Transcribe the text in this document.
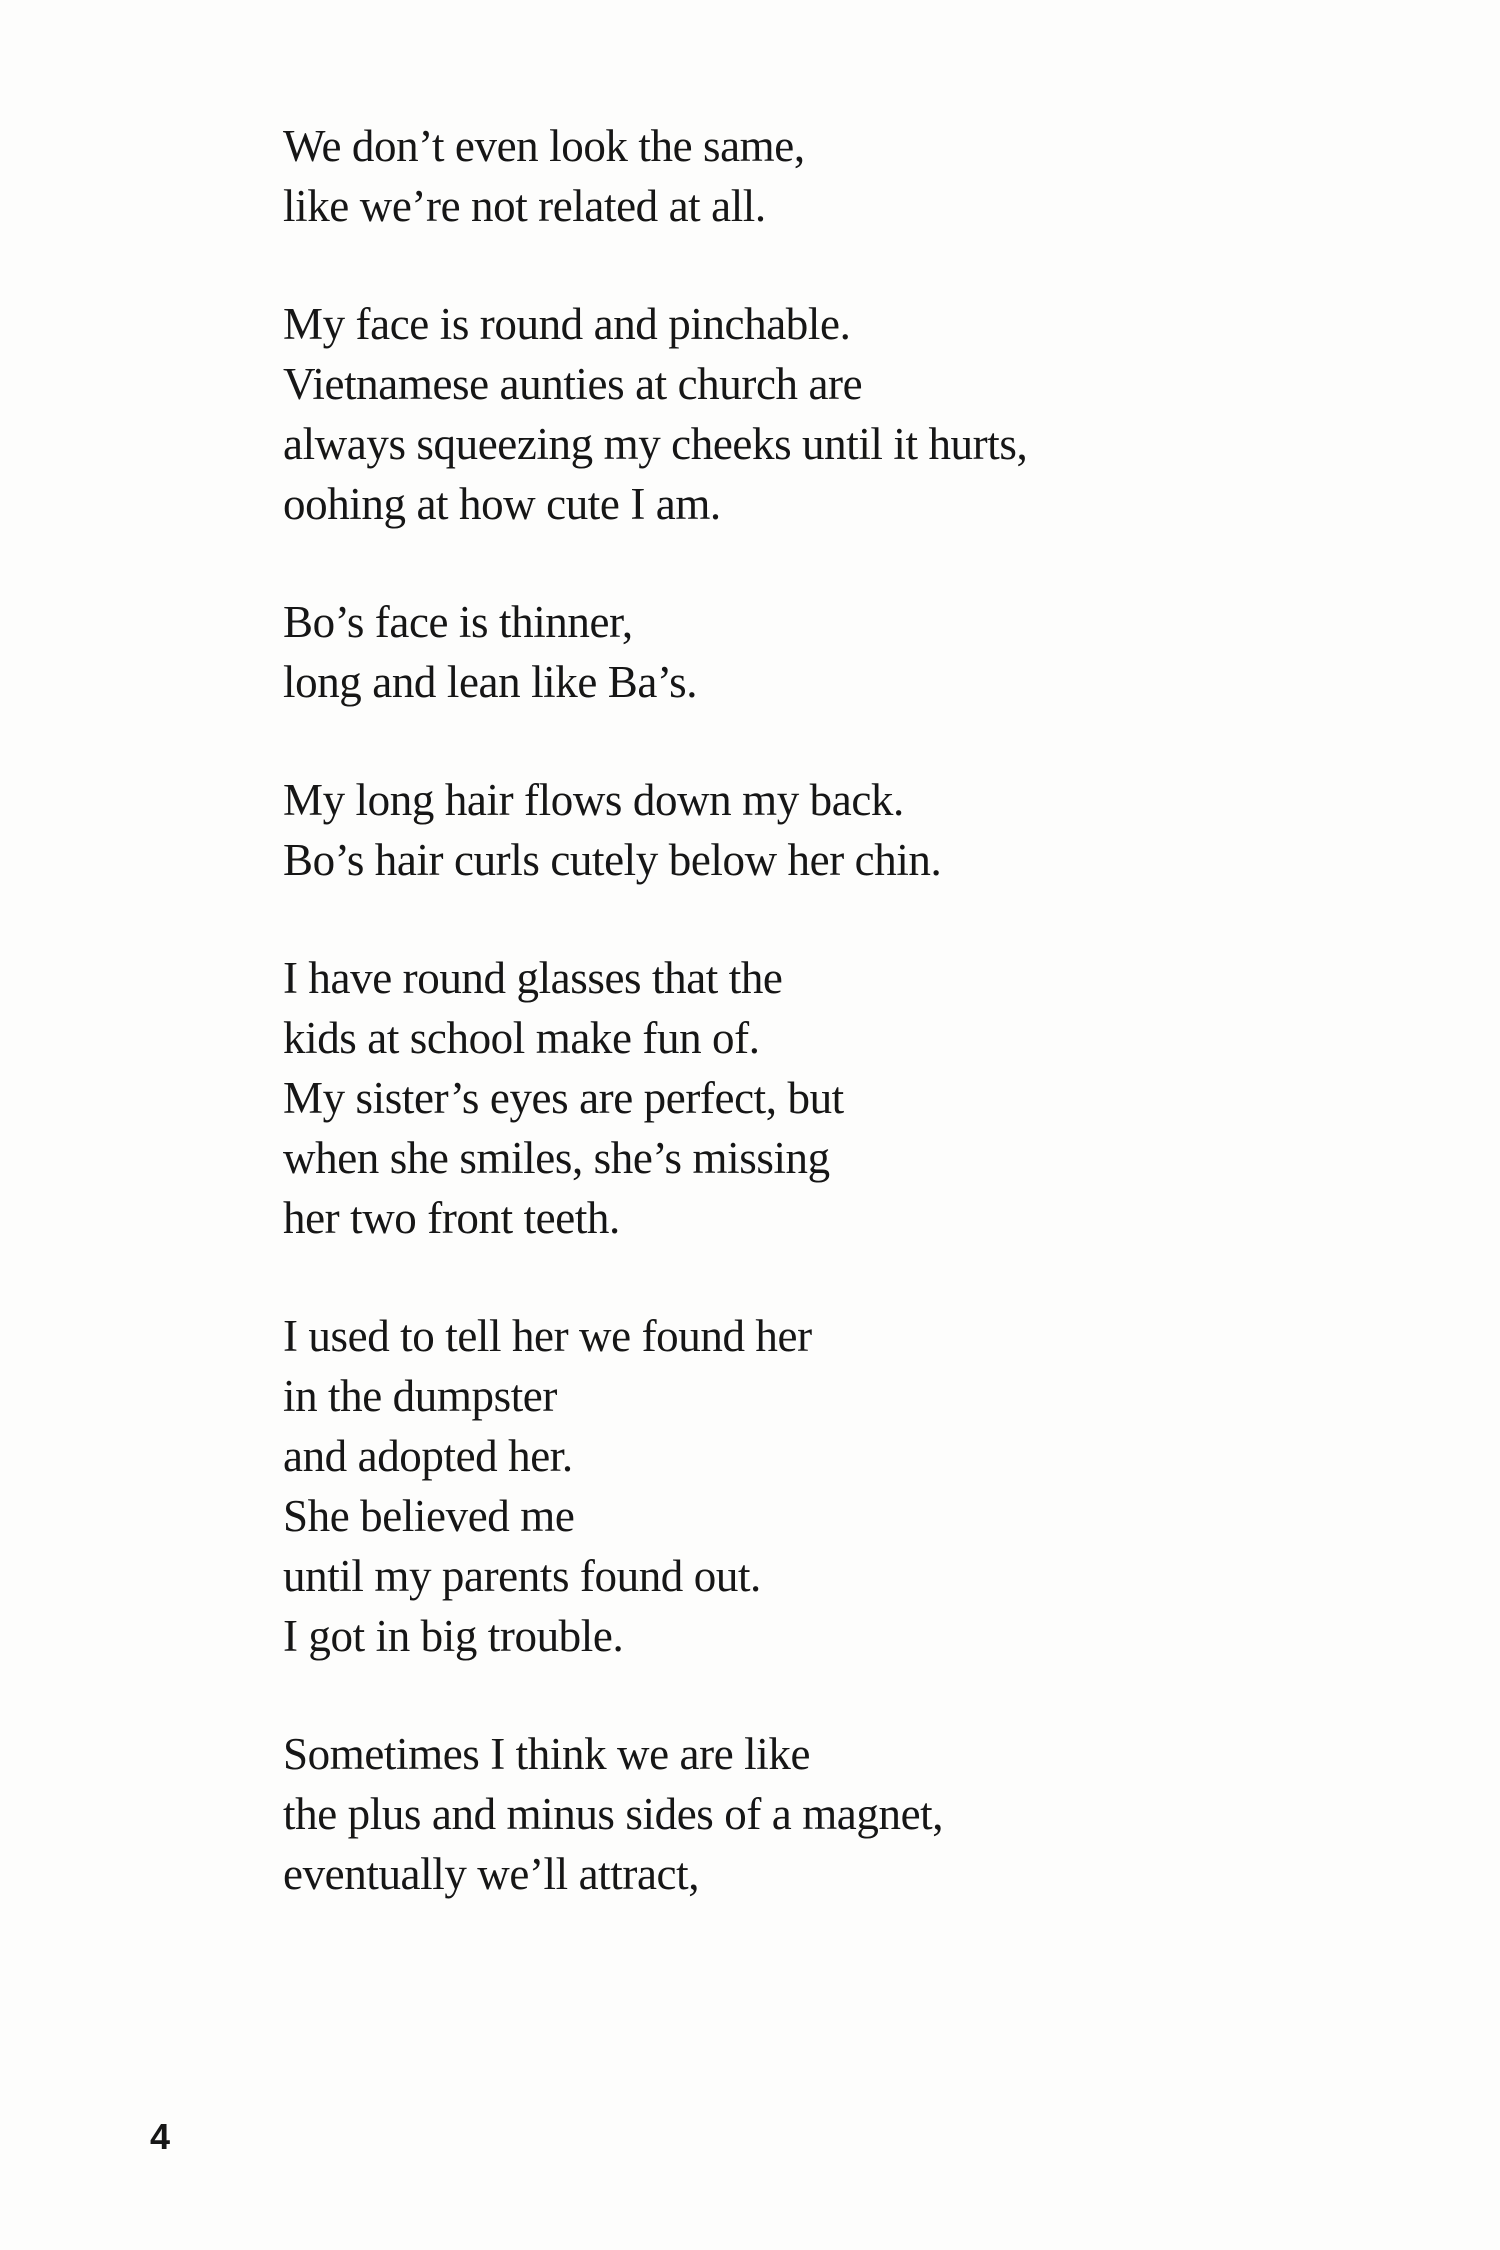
We don’t even look the same,
like we’re not related at all.

My face is round and pinchable.
Vietnamese aunties at church are
always squeezing my cheeks until it hurts,
oohing at how cute I am.

Bo’s face is thinner,
long and lean like Ba’s.

My long hair flows down my back.
Bo’s hair curls cutely below her chin.

I have round glasses that the
kids at school make fun of.
My sister’s eyes are perfect, but
when she smiles, she’s missing
her two front teeth.

I used to tell her we found her
in the dumpster
and adopted her.
She believed me
until my parents found out.
I got in big trouble.

Sometimes I think we are like
the plus and minus sides of a magnet,
eventually we’ll attract,

4
